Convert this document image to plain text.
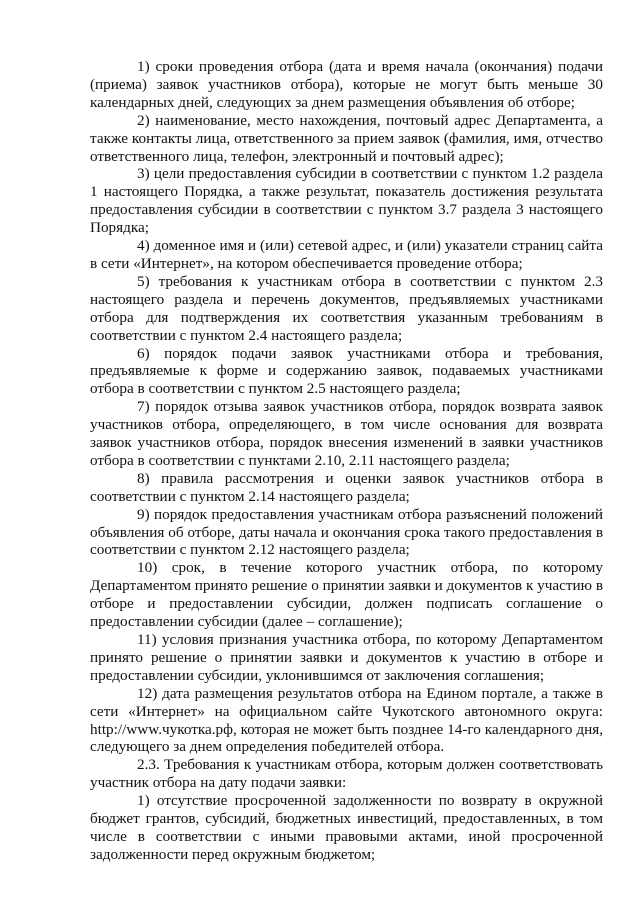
1) сроки проведения отбора (дата и время начала (окончания) подачи (приема) заявок участников отбора), которые не могут быть меньше 30 календарных дней, следующих за днем размещения объявления об отборе;

2) наименование, место нахождения, почтовый адрес Департамента, а также контакты лица, ответственного за прием заявок (фамилия, имя, отчество ответственного лица, телефон, электронный и почтовый адрес);

3) цели предоставления субсидии в соответствии с пунктом 1.2 раздела 1 настоящего Порядка, а также результат, показатель достижения результата предоставления субсидии в соответствии с пунктом 3.7 раздела 3 настоящего Порядка;

4) доменное имя и (или) сетевой адрес, и (или) указатели страниц сайта в сети «Интернет», на котором обеспечивается проведение отбора;

5) требования к участникам отбора в соответствии с пунктом 2.3 настоящего раздела и перечень документов, предъявляемых участниками отбора для подтверждения их соответствия указанным требованиям в соответствии с пунктом 2.4 настоящего раздела;

6) порядок подачи заявок участниками отбора и требования, предъявляемые к форме и содержанию заявок, подаваемых участниками отбора в соответствии с пунктом 2.5 настоящего раздела;

7) порядок отзыва заявок участников отбора, порядок возврата заявок участников отбора, определяющего, в том числе основания для возврата заявок участников отбора, порядок внесения изменений в заявки участников отбора в соответствии с пунктами 2.10, 2.11 настоящего раздела;

8) правила рассмотрения и оценки заявок участников отбора в соответствии с пунктом 2.14 настоящего раздела;

9) порядок предоставления участникам отбора разъяснений положений объявления об отборе, даты начала и окончания срока такого предоставления в соответствии с пунктом 2.12 настоящего раздела;

10) срок, в течение которого участник отбора, по которому Департаментом принято решение о принятии заявки и документов к участию в отборе и предоставлении субсидии, должен подписать соглашение о предоставлении субсидии (далее – соглашение);

11) условия признания участника отбора, по которому Департаментом принято решение о принятии заявки и документов к участию в отборе и предоставлении субсидии, уклонившимся от заключения соглашения;

12) дата размещения результатов отбора на Едином портале, а также в сети «Интернет» на официальном сайте Чукотского автономного округа: http://www.чукотка.рф, которая не может быть позднее 14-го календарного дня, следующего за днем определения победителей отбора.

2.3. Требования к участникам отбора, которым должен соответствовать участник отбора на дату подачи заявки:

1) отсутствие просроченной задолженности по возврату в окружной бюджет грантов, субсидий, бюджетных инвестиций, предоставленных, в том числе в соответствии с иными правовыми актами, иной просроченной задолженности перед окружным бюджетом;
